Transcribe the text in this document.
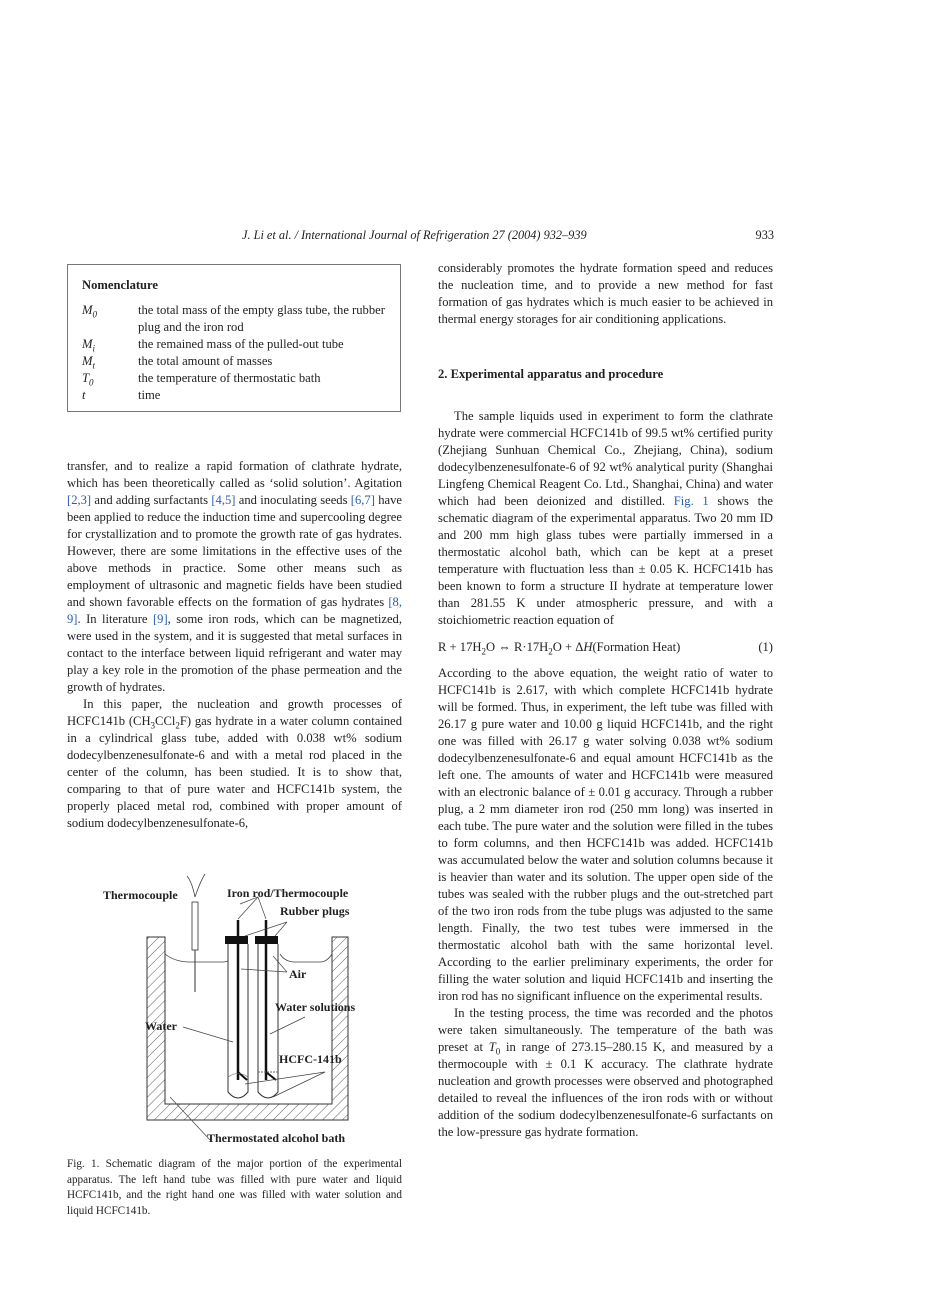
J. Li et al. / International Journal of Refrigeration 27 (2004) 932–939	933
Nomenclature
$M_0$	the total mass of the empty glass tube, the rubber plug and the iron rod
$M_i$	the remained mass of the pulled-out tube
$M_t$	the total amount of masses
$T_0$	the temperature of thermostatic bath
t	time

transfer, and to realize a rapid formation of clathrate hydrate, which has been theoretically called as ‘solid solution’. Agitation [2,3] and adding surfactants [4,5] and inoculating seeds [6,7] have been applied to reduce the induction time and supercooling degree for crystallization and to promote the growth rate of gas hydrates. However, there are some limitations in the effective uses of the above methods in practice. Some other means such as employment of ultrasonic and magnetic fields have been studied and shown favorable effects on the formation of gas hydrates [8, 9]. In literature [9], some iron rods, which can be magnetized, were used in the system, and it is suggested that metal surfaces in contact to the interface between liquid refrigerant and water may play a key role in the promotion of the phase permeation and the growth of hydrates.

In this paper, the nucleation and growth processes of HCFC141b $(CH_3CCl_2F)$ gas hydrate in a water column contained in a cylindrical glass tube, added with 0.038 wt% sodium dodecylbenzenesulfonate-6 and with a metal rod placed in the center of the column, has been studied. It is to show that, comparing to that of pure water and HCFC141b system, the properly placed metal rod, combined with proper amount of sodium dodecylbenzenesulfonate-6,

Thermocouple	Iron rod/Thermocouple
Rubber plugs
Air
Water solutions
Water
HCFC-141b
Thermostated alcohol bath
Fig. 1. Schematic diagram of the major portion of the experimental apparatus. The left hand tube was filled with pure water and liquid HCFC141b, and the right hand one was filled with water solution and liquid HCFC141b.

considerably promotes the hydrate formation speed and reduces the nucleation time, and to provide a new method for fast formation of gas hydrates which is much easier to be achieved in thermal energy storages for air conditioning applications.

2. Experimental apparatus and procedure

The sample liquids used in experiment to form the clathrate hydrate were commercial HCFC141b of 99.5 wt% certified purity (Zhejiang Sunhuan Chemical Co., Zhejiang, China), sodium dodecylbenzenesulfonate-6 of 92 wt% analytical purity (Shanghai Lingfeng Chemical Reagent Co. Ltd., Shanghai, China) and water which had been deionized and distilled. Fig. 1 shows the schematic diagram of the experimental apparatus. Two 20 mm ID and 200 mm high glass tubes were partially immersed in a thermostatic alcohol bath, which can be kept at a preset temperature with fluctuation less than ± 0.05 K. HCFC141b has been known to form a structure II hydrate at temperature lower than 281.55 K under atmospheric pressure, and with a stoichiometric reaction equation of

$R + 17H_2O$ ⇔ $R\cdot 17H_2O$ + ΔH(Formation Heat)	(1)

According to the above equation, the weight ratio of water to HCFC141b is 2.617, with which complete HCFC141b hydrate will be formed. Thus, in experiment, the left tube was filled with 26.17 g pure water and 10.00 g liquid HCFC141b, and the right one was filled with 26.17 g water solving 0.038 wt% sodium dodecylbenzenesulfonate-6 and equal amount HCFC141b as the left one. The amounts of water and HCFC141b were measured with an electronic balance of ± 0.01 g accuracy. Through a rubber plug, a 2 mm diameter iron rod (250 mm long) was inserted in each tube. The pure water and the solution were filled in the tubes to form columns, and then HCFC141b was added. HCFC141b was accumulated below the water and solution columns because it is heavier than water and its solution. The upper open side of the tubes was sealed with the rubber plugs and the out-stretched part of the two iron rods from the tube plugs was adjusted to the same length. Finally, the two test tubes were immersed in the thermostatic alcohol bath with the same horizontal level. According to the earlier preliminary experiments, the order for filling the water solution and liquid HCFC141b and inserting the iron rod has no significant influence on the experimental results.

In the testing process, the time was recorded and the photos were taken simultaneously. The temperature of the bath was preset at $T_0$ in range of 273.15–280.15 K, and measured by a thermocouple with ± 0.1 K accuracy. The clathrate hydrate nucleation and growth processes were observed and photographed detailed to reveal the influences of the iron rods with or without addition of the sodium dodecylbenzenesulfonate-6 surfactants on the low-pressure gas hydrate formation.
